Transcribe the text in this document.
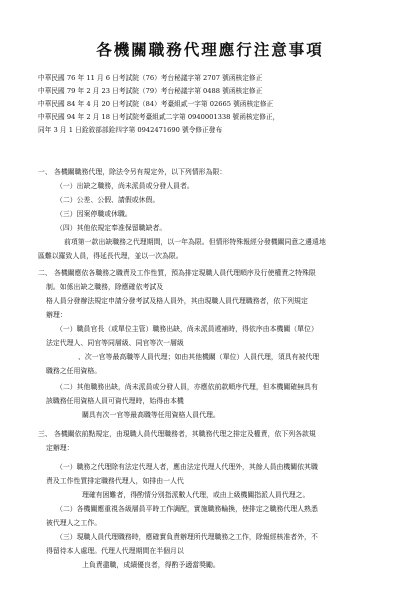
各機關職務代理應行注意事項
中華民國 76 年 11 月 6 日考試院（76）考台秘議字第 2707 號函核定修正
中華民國 79 年 2 月 23 日考試院（79）考台秘議字第 0488 號函核定修正
中華民國 84 年 4 月 20 日考試院（84）考臺組貳一字第 02665 號函核定修正
中華民國 94 年 2 月 18 日考試院考臺組貳二字第 0940001338 號函核定修正，
同年 3 月 1 日銓敘部部銓四字第 0942471690 號令修正發布
一、 各機關職務代理，除法令另有規定外，以下列情形為限：
（一）出缺之職務，尚未派員或分發人員者。
（二）公差、公假、請假或休假。
（三）因案停職或休職。
（四）其他依規定奉准保留職缺者。
前項第一款出缺職務之代理期間，以一年為限。但情形特殊報經分發機關同意之邊遠地
區難以羅致人員，得延長代理，並以一次為限。
二、 各機關應依各職務之職責及工作性質，預為排定現職人員代理順序及行使權責之特殊限
制。如係出缺之職務，除應確依考試及
格人員分發辦法規定申請分發考試及格人員外，其由現職人員代理職務者，依下列規定
辦理：
（一）職員官長（或單位主管）職務出缺，尚未派員遞補時，得依序由本機關（單位）
法定代理人、同官等同層級、同官等次一層級
、次一官等最高職等人員代理；如由其他機關（單位）人員代理，須具有被代理
職務之任用資格。
（二）其他職務出缺，尚未派員或分發人員，亦應依前款順序代理，但本機關確無具有
該職務任用資格人員可資代理時，始得由本機
關具有次一官等最高職等任用資格人員代理。
三、 各機關依前點規定，由現職人員代理職務者，其職務代理之排定及權責，依下列各款規
定辦理：
（一）職務之代理除有法定代理人者，應由法定代理人代理外，其餘人員由機關依其職
責及工作性質排定職務代理人，如排由一人代
理確有困難者，得酌情分別指派數人代理，或由上級機關指派人員代理之。
（二）各機關應重視各級層員平時工作調配，實施職務輪換，使排定之職務代理人熟悉
被代理人之工作。
（三）現職人員代理職務時，應確實負責辦理所代理職務之工作，除報經核准者外，不
得留待本人處理。代理人代理期間在半個月以
上負責盡職，成績優良者，得酌予適當獎勵。
